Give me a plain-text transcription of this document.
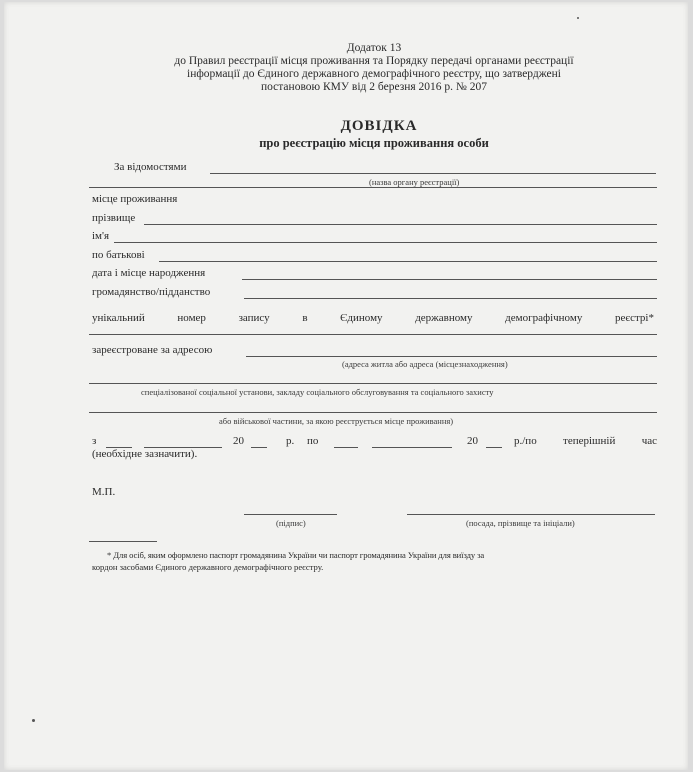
Додаток 13
до Правил реєстрації місця проживання та Порядку передачі органами реєстрації
інформації до Єдиного державного демографічного реєстру, що затверджені
постановою КМУ від 2 березня 2016 р. № 207
ДОВІДКА
про реєстрацію місця проживання особи
За відомостями
(назва органу реєстрації)
місце проживання
прізвище
ім'я
по батькові
дата і місце народження
громадянство/підданство
унікальний	номер	запису	в	Єдиному	державному	демографічному	реєстрі*
зареєстроване за адресою
(адреса житла або адреса (місцезнаходження)
спеціалізованої соціальної установи, закладу соціального обслуговування та соціального захисту
або військової частини, за якою реєструється місце проживання)
з	20	р. по	20	р./по теперішній час
(необхідне зазначити).
М.П.
(підпис)	(посада, прізвище та ініціали)
* Для осіб, яким оформлено паспорт громадянина України чи паспорт громадянина України для виїзду за
кордон засобами Єдиного державного демографічного реєстру.
